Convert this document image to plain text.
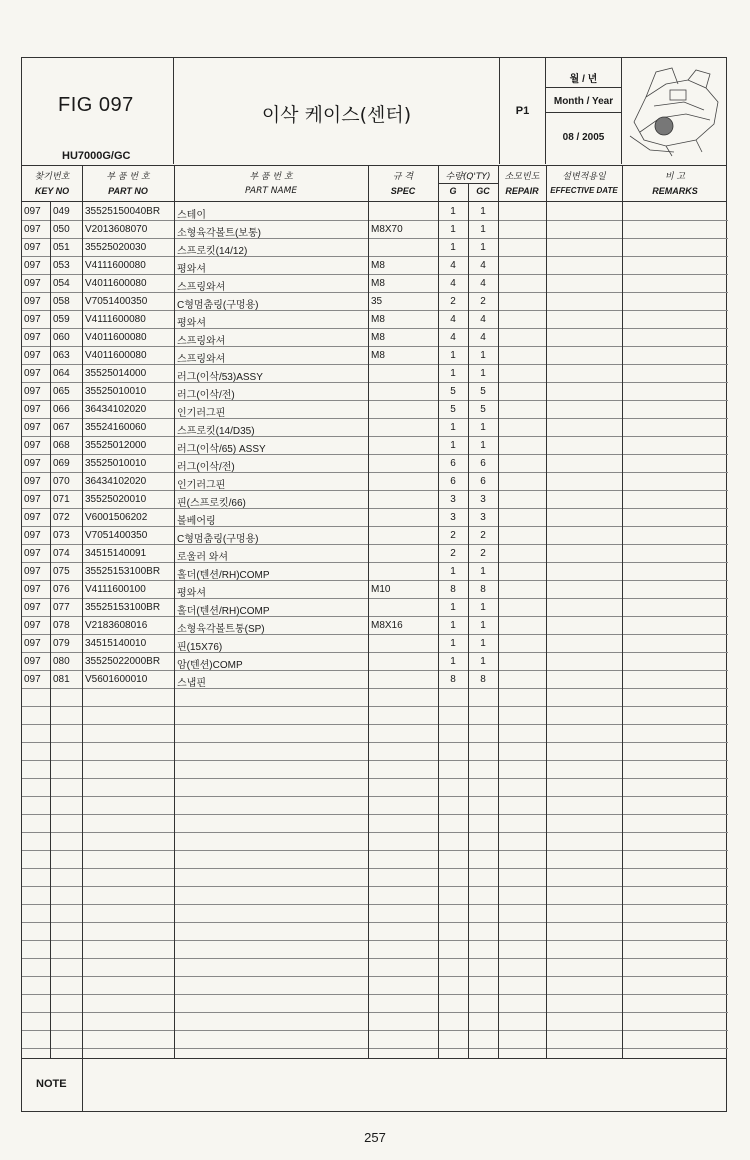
FIG 097
HU7000G/GC
이삭 케이스(센터)	P1
월 / 년
Month / Year
08 / 2005
찾기번호
KEY NO
부 품 번 호
PART NO
부 품 번 호
PART NAME
규 격
SPEC
수량(Q'TY)
G	GC
소모빈도
REPAIR
설변적용일
EFFECTIVE DATE
비 고
REMARKS
097 049 35525150040BR 스테이	1	1
097 050 V2013608070	소형육각볼트(보통)	M8X70	1	1
097 051 35525020030	스프로킷(14/12)	1	1
097 053 V4111600080	평와셔	M8	4	4
097 054 V4011600080	스프링와셔	M8	4	4
097 058 V7051400350	C형멈춤링(구멍용)	35	2	2
097 059 V4111600080	평와셔	M8	4	4
097 060 V4011600080	스프링와셔	M8	4	4
097 063 V4011600080	스프링와셔	M8	1	1
097 064 35525014000	러그(이삭/53)ASSY	1	1
097 065 35525010010	러그(이삭/전)	5	5
097 066 36434102020	인기러그핀	5	5
097 067 35524160060	스프로킷(14/D35)	1	1
097 068 35525012000	러그(이삭/65) ASSY	1	1
097 069 35525010010	러그(이삭/전)	6	6
097 070 36434102020	인기러그핀	6	6
097 071 35525020010	핀(스프로킷/66)	3	3
097 072 V6001506202	볼베어링	3	3
097 073 V7051400350	C형멈춤링(구멍용)	2	2
097 074 34515140091	로울러 와셔	2	2
097 075 35525153100BR 홀더(텐션/RH)COMP	1	1
097 076 V4111600100	평와셔	M10	8	8
097 077 35525153100BR 홀더(텐션/RH)COMP	1	1
097 078 V2183608016	소형육각볼트통(SP)	M8X16	1	1
097 079 34515140010	핀(15X76)	1	1
097 080 35525022000BR 암(텐션)COMP	1	1
097 081 V5601600010	스냅핀	8	8
NOTE
257
